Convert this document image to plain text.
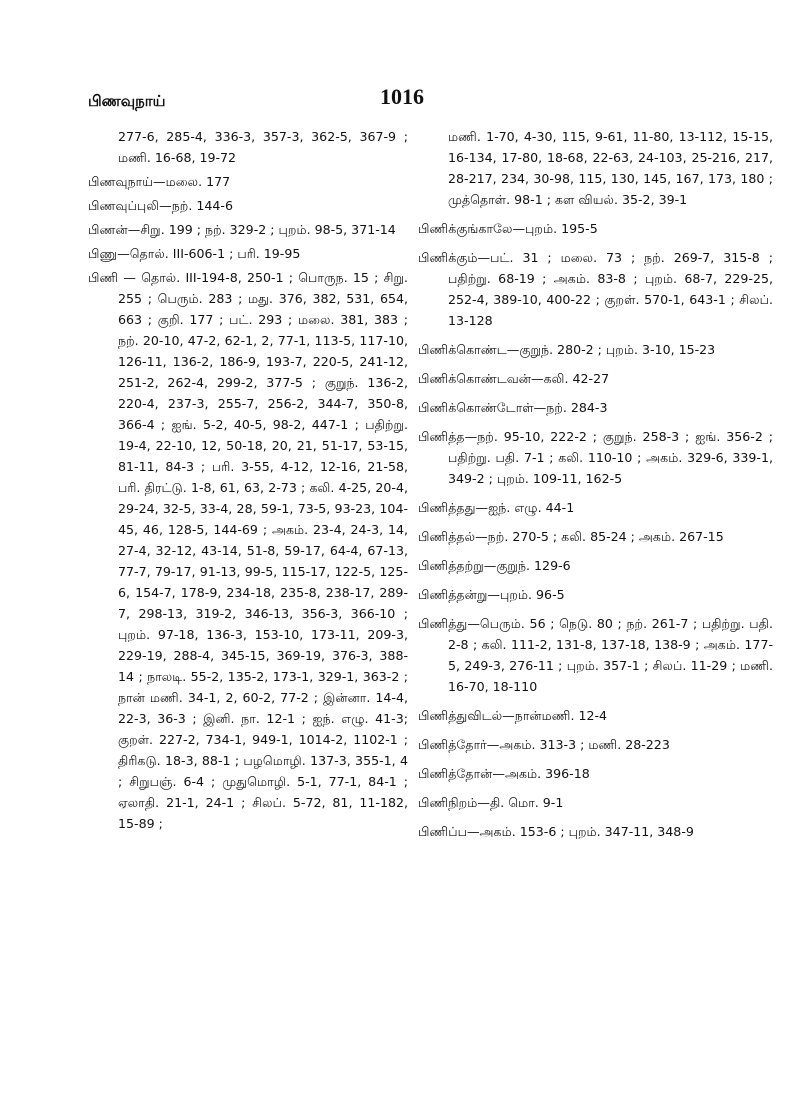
பிணவுநாய்	1016
277-6, 285-4, 336-3, 357-3, 362-5, 367-9 ; மணி. 16-68, 19-72
பிணவுநாய்—மலை. 177
பிணவுப்புலி—நற். 144-6
பிணன்—சிறு. 199 ; நற். 329-2 ; புறம். 98-5, 371-14
பிணு—தொல். III-606-1 ; பரி. 19-95
பிணி — தொல். III-194-8, 250-1 ; பொருந. 15 ; சிறு. 255 ; பெரும். 283 ; மது. 376, 382, 531, 654, 663 ; குறி. 177 ; பட். 293 ; மலை. 381, 383 ; நற். 20-10, 47-2, 62-1, 2, 77-1, 113-5, 117-10, 126-11, 136-2, 186-9, 193-7, 220-5, 241-12, 251-2, 262-4, 299-2, 377-5 ; குறுந். 136-2, 220-4, 237-3, 255-7, 256-2, 344-7, 350-8, 366-4 ; ஐங். 5-2, 40-5, 98-2, 447-1 ; பதிற்று. 19-4, 22-10, 12, 50-18, 20, 21, 51-17, 53-15, 81-11, 84-3 ; பரி. 3-55, 4-12, 12-16, 21-58, பரி. திரட்டு. 1-8, 61, 63, 2-73 ; கலி. 4-25, 20-4, 29-24, 32-5, 33-4, 28, 59-1, 73-5, 93-23, 104-45, 46, 128-5, 144-69 ; அகம். 23-4, 24-3, 14, 27-4, 32-12, 43-14, 51-8, 59-17, 64-4, 67-13, 77-7, 79-17, 91-13, 99-5, 115-17, 122-5, 125-6, 154-7, 178-9, 234-18, 235-8, 238-17, 289-7, 298-13, 319-2, 346-13, 356-3, 366-10 ; புறம். 97-18, 136-3, 153-10, 173-11, 209-3, 229-19, 288-4, 345-15, 369-19, 376-3, 388-14 ; நாலடி. 55-2, 135-2, 173-1, 329-1, 363-2 ; நான் மணி. 34-1, 2, 60-2, 77-2 ; இன்னா. 14-4, 22-3, 36-3 ; இனி. நா. 12-1 ; ஐந். எழு. 41-3; குறள். 227-2, 734-1, 949-1, 1014-2, 1102-1 ; திரிகடு. 18-3, 88-1 ; பழமொழி. 137-3, 355-1, 4 ; சிறுபஞ். 6-4 ; முதுமொழி. 5-1, 77-1, 84-1 ; ஏலாதி. 21-1, 24-1 ; சிலப். 5-72, 81, 11-182, 15-89 ;
மணி. 1-70, 4-30, 115, 9-61, 11-80, 13-112, 15-15, 16-134, 17-80, 18-68, 22-63, 24-103, 25-216, 217, 28-217, 234, 30-98, 115, 130, 145, 167, 173, 180 ; முத்தொள். 98-1 ; கள வியல். 35-2, 39-1
பிணிக்குங்காலே—புறம். 195-5
பிணிக்கும்—பட். 31 ; மலை. 73 ; நற். 269-7, 315-8 ; பதிற்று. 68-19 ; அகம். 83-8 ; புறம். 68-7, 229-25, 252-4, 389-10, 400-22 ; குறள். 570-1, 643-1 ; சிலப். 13-128
பிணிக்கொண்ட—குறுந். 280-2 ; புறம். 3-10, 15-23
பிணிக்கொண்டவன்—கலி. 42-27
பிணிக்கொண்டோள்—நற். 284-3
பிணித்த—நற். 95-10, 222-2 ; குறுந். 258-3 ; ஐங். 356-2 ; பதிற்று. பதி. 7-1 ; கலி. 110-10 ; அகம். 329-6, 339-1, 349-2 ; புறம். 109-11, 162-5
பிணித்தது—ஐந். எழு. 44-1
பிணித்தல்—நற். 270-5 ; கலி. 85-24 ; அகம். 267-15
பிணித்தற்று—குறுந். 129-6
பிணித்தன்று—புறம். 96-5
பிணித்து—பெரும். 56 ; நெடு. 80 ; நற். 261-7 ; பதிற்று. பதி. 2-8 ; கலி. 111-2, 131-8, 137-18, 138-9 ; அகம். 177-5, 249-3, 276-11 ; புறம். 357-1 ; சிலப். 11-29 ; மணி. 16-70, 18-110
பிணித்துவிடல்—நான்மணி. 12-4
பிணித்தோர்—அகம். 313-3 ; மணி. 28-223
பிணித்தோன்—அகம். 396-18
பிணிநிறம்—தி. மொ. 9-1
பிணிப்ப—அகம். 153-6 ; புறம். 347-11, 348-9
